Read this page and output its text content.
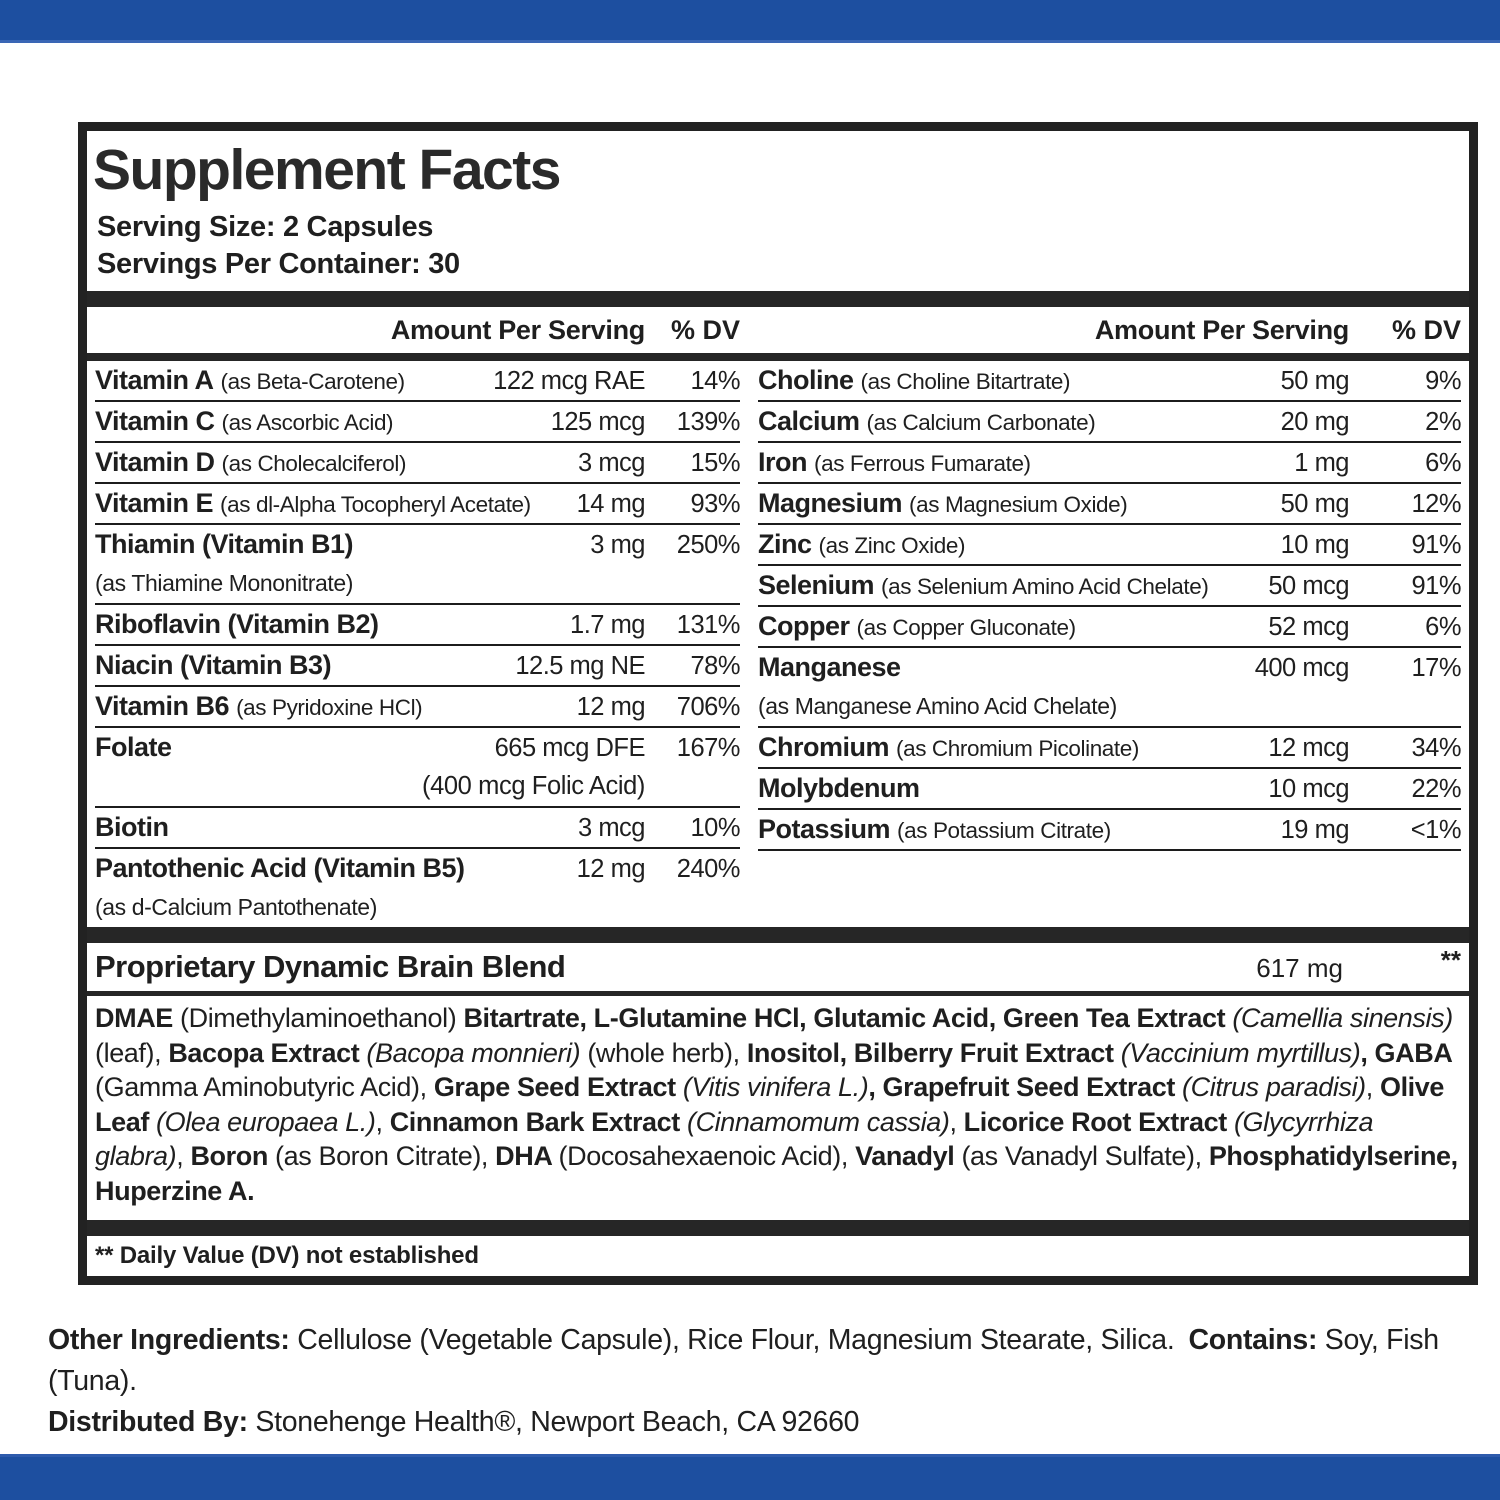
Supplement Facts
Serving Size: 2 Capsules
Servings Per Container: 30
Amount Per Serving % DV	Amount Per Serving	% DV
Vitamin A (as Beta-Carotene)	122 mcg RAE	14%
Vitamin C (as Ascorbic Acid)	125 mcg	139%
Vitamin D (as Cholecalciferol)	3 mcg	15%
Vitamin E (as dl-Alpha Tocopheryl Acetate) 14 mg	93%
Thiamin (Vitamin B1)	3 mg	250%
(as Thiamine Mononitrate)
Riboflavin (Vitamin B2)	1.7 mg	131%
Niacin (Vitamin B3)	12.5 mg NE	78%
Vitamin B6 (as Pyridoxine HCl)	12 mg	706%
Folate	665 mcg DFE	167%
(400 mcg Folic Acid)
Biotin	3 mcg	10%
Pantothenic Acid (Vitamin B5)	12 mg	240%
(as d-Calcium Pantothenate)
Choline (as Choline Bitartrate)	50 mg	9%
Calcium (as Calcium Carbonate)	20 mg	2%
Iron (as Ferrous Fumarate)	1 mg	6%
Magnesium (as Magnesium Oxide)	50 mg	12%
Zinc (as Zinc Oxide)	10 mg	91%
Selenium (as Selenium Amino Acid Chelate) 50 mcg	91%
Copper (as Copper Gluconate)	52 mcg	6%
Manganese	400 mcg	17%
(as Manganese Amino Acid Chelate)
Chromium (as Chromium Picolinate)	12 mcg	34%
Molybdenum	10 mcg	22%
Potassium (as Potassium Citrate)	19 mg	<1%
Proprietary Dynamic Brain Blend	617 mg	**

DMAE (Dimethylaminoethanol) Bitartrate, L-Glutamine HCl, Glutamic Acid, Green Tea Extract (Camellia sinensis) (leaf), Bacopa Extract (Bacopa monnieri) (whole herb), Inositol, Bilberry Fruit Extract (Vaccinium myrtillus), GABA (Gamma Aminobutyric Acid), Grape Seed Extract (Vitis vinifera L.), Grapefruit Seed Extract (Citrus paradisi), Olive Leaf (Olea europaea L.), Cinnamon Bark Extract (Cinnamomum cassia), Licorice Root Extract (Glycyrrhiza glabra), Boron (as Boron Citrate), DHA (Docosahexaenoic Acid), Vanadyl (as Vanadyl Sulfate), Phosphatidylserine, Huperzine A.

** Daily Value (DV) not established
Other Ingredients: Cellulose (Vegetable Capsule), Rice Flour, Magnesium Stearate, Silica. Contains: Soy, Fish (Tuna).
Distributed By: Stonehenge Health®, Newport Beach, CA 92660
